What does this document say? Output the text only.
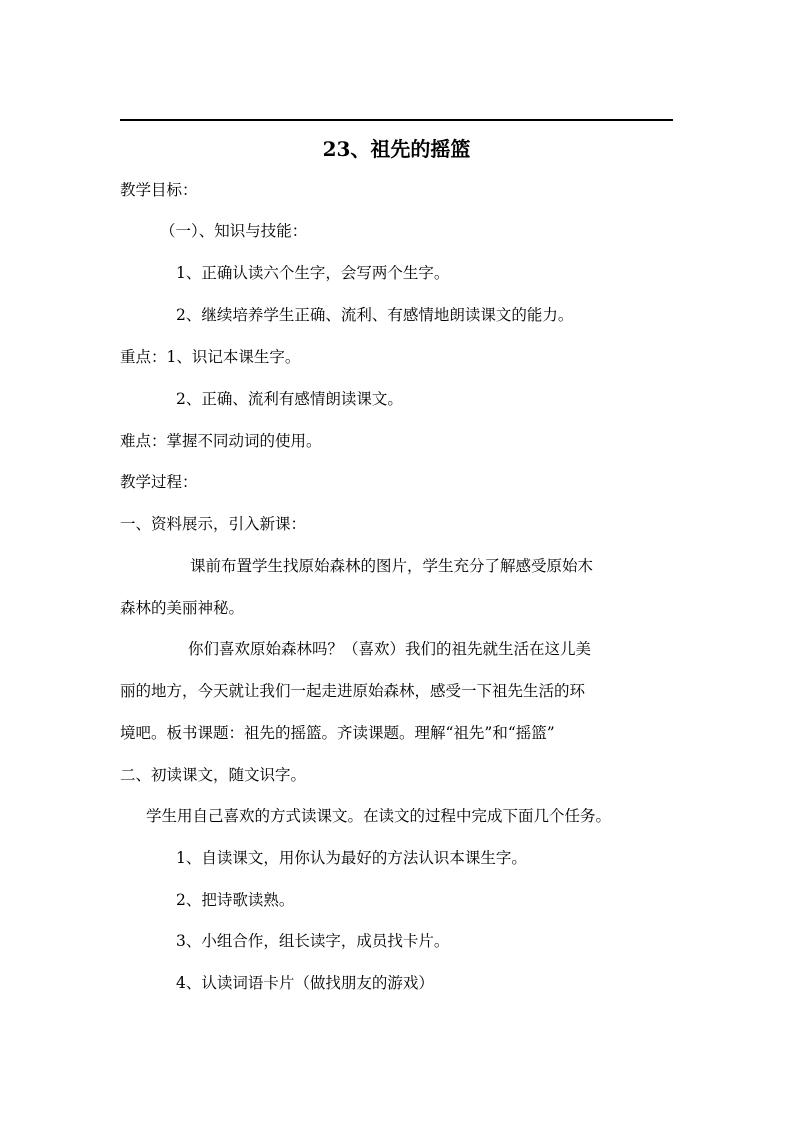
23、祖先的摇篮
教学目标：
（一）、知识与技能：
1、正确认读六个生字，会写两个生字。
2、继续培养学生正确、流利、有感情地朗读课文的能力。
重点：1、识记本课生字。
2、正确、流利有感情朗读课文。
难点：掌握不同动词的使用。
教学过程：
一、资料展示，引入新课：
课前布置学生找原始森林的图片，学生充分了解感受原始木
森林的美丽神秘。
你们喜欢原始森林吗？（喜欢）我们的祖先就生活在这儿美
丽的地方，今天就让我们一起走进原始森林，感受一下祖先生活的环
境吧。板书课题：祖先的摇篮。齐读课题。理解“祖先”和“摇篮”
二、初读课文，随文识字。
学生用自己喜欢的方式读课文。在读文的过程中完成下面几个任务。
1、自读课文，用你认为最好的方法认识本课生字。
2、把诗歌读熟。
3、小组合作，组长读字，成员找卡片。
4、认读词语卡片（做找朋友的游戏）
